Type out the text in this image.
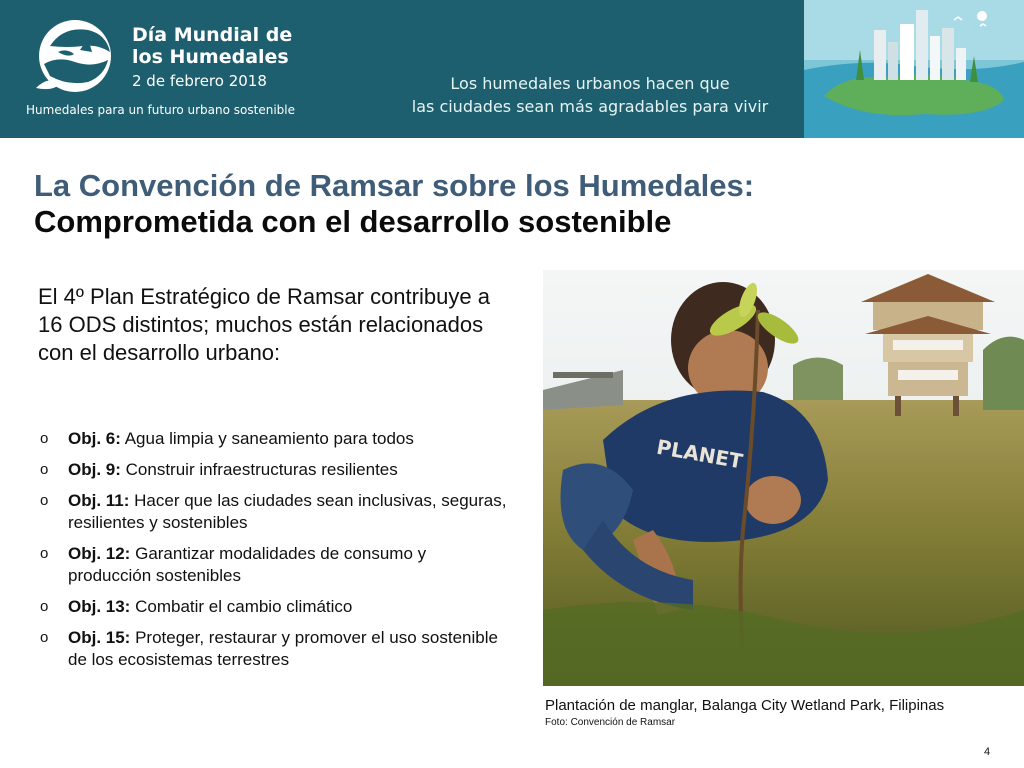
Día Mundial de
los Humedales
2 de febrero 2018
Humedales para un futuro urbano sostenible
Los humedales urbanos hacen que
las ciudades sean más agradables para vivir
La Convención de Ramsar sobre los Humedales:
Comprometida con el desarrollo sostenible

El 4º Plan Estratégico de Ramsar contribuye a 16 ODS distintos; muchos están relacionados con el desarrollo urbano:

o Obj. 6: Agua limpia y saneamiento para todos
o Obj. 9: Construir infraestructuras resilientes
o Obj. 11: Hacer que las ciudades sean inclusivas, seguras, resilientes y sostenibles
o Obj. 12: Garantizar modalidades de consumo y producción sostenibles
o Obj. 13: Combatir el cambio climático
o Obj. 15: Proteger, restaurar y promover el uso sostenible de los ecosistemas terrestres
PLANET
Plantación de manglar, Balanga City Wetland Park, Filipinas
Foto: Convención de Ramsar
4
